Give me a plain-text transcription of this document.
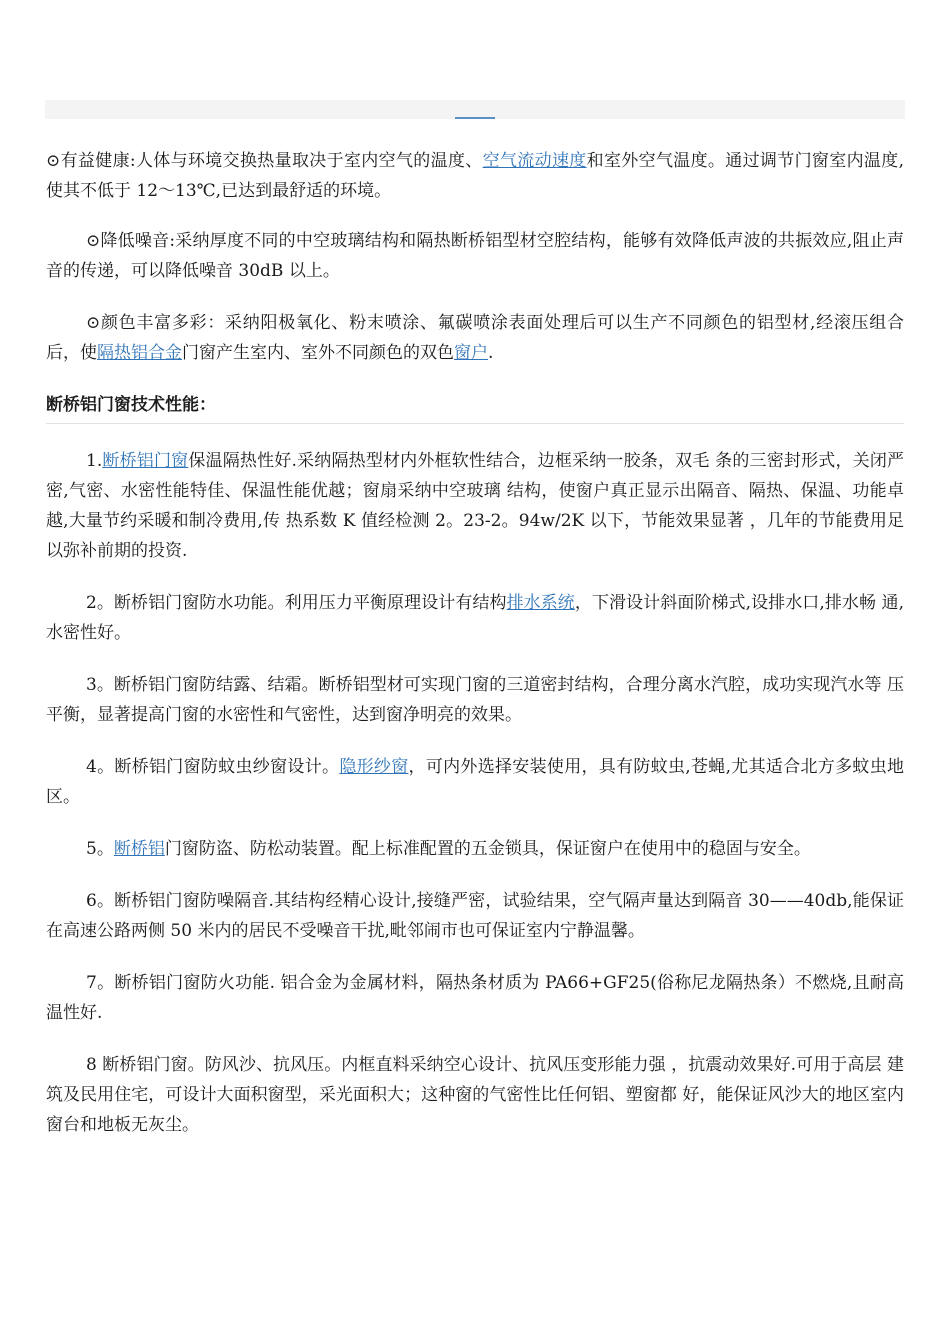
⊙有益健康:人体与环境交换热量取决于室内空气的温度、空气流动速度和室外空气温度。通过调节门窗室内温度,使其不低于 12～13℃,已达到最舒适的环境。

⊙降低噪音:采纳厚度不同的中空玻璃结构和隔热断桥铝型材空腔结构，能够有效降低声波的共振效应,阻止声音的传递，可以降低噪音 30dB 以上。

⊙颜色丰富多彩：采纳阳极氧化、粉末喷涂、氟碳喷涂表面处理后可以生产不同颜色的铝型材,经滚压组合后，使隔热铝合金门窗产生室内、室外不同颜色的双色窗户.

断桥铝门窗技术性能：

1.断桥铝门窗保温隔热性好.采纳隔热型材内外框软性结合，边框采纳一胶条，双毛 条的三密封形式，关闭严密,气密、水密性能特佳、保温性能优越；窗扇采纳中空玻璃 结构，使窗户真正显示出隔音、隔热、保温、功能卓越,大量节约采暖和制冷费用,传 热系数 K 值经检测 2。23-2。94w/2K 以下，节能效果显著 ，几年的节能费用足以弥补前期的投资.

2。断桥铝门窗防水功能。利用压力平衡原理设计有结构排水系统，下滑设计斜面阶梯式,设排水口,排水畅 通,水密性好。

3。断桥铝门窗防结露、结霜。断桥铝型材可实现门窗的三道密封结构，合理分离水汽腔，成功实现汽水等 压平衡，显著提高门窗的水密性和气密性，达到窗净明亮的效果。

4。断桥铝门窗防蚊虫纱窗设计。隐形纱窗，可内外选择安装使用，具有防蚊虫,苍蝇,尤其适合北方多蚊虫地区。

5。断桥铝门窗防盗、防松动装置。配上标准配置的五金锁具，保证窗户在使用中的稳固与安全。

6。断桥铝门窗防噪隔音.其结构经精心设计,接缝严密，试验结果，空气隔声量达到隔音 30——40db,能保证在高速公路两侧 50 米内的居民不受噪音干扰,毗邻闹市也可保证室内宁静温馨。

7。断桥铝门窗防火功能. 铝合金为金属材料，隔热条材质为 PA66+GF25(俗称尼龙隔热条）不燃烧,且耐高温性好.

8 断桥铝门窗。防风沙、抗风压。内框直料采纳空心设计、抗风压变形能力强 ，抗震动效果好.可用于高层 建筑及民用住宅，可设计大面积窗型，采光面积大；这种窗的气密性比任何铝、塑窗都 好，能保证风沙大的地区室内窗台和地板无灰尘。
